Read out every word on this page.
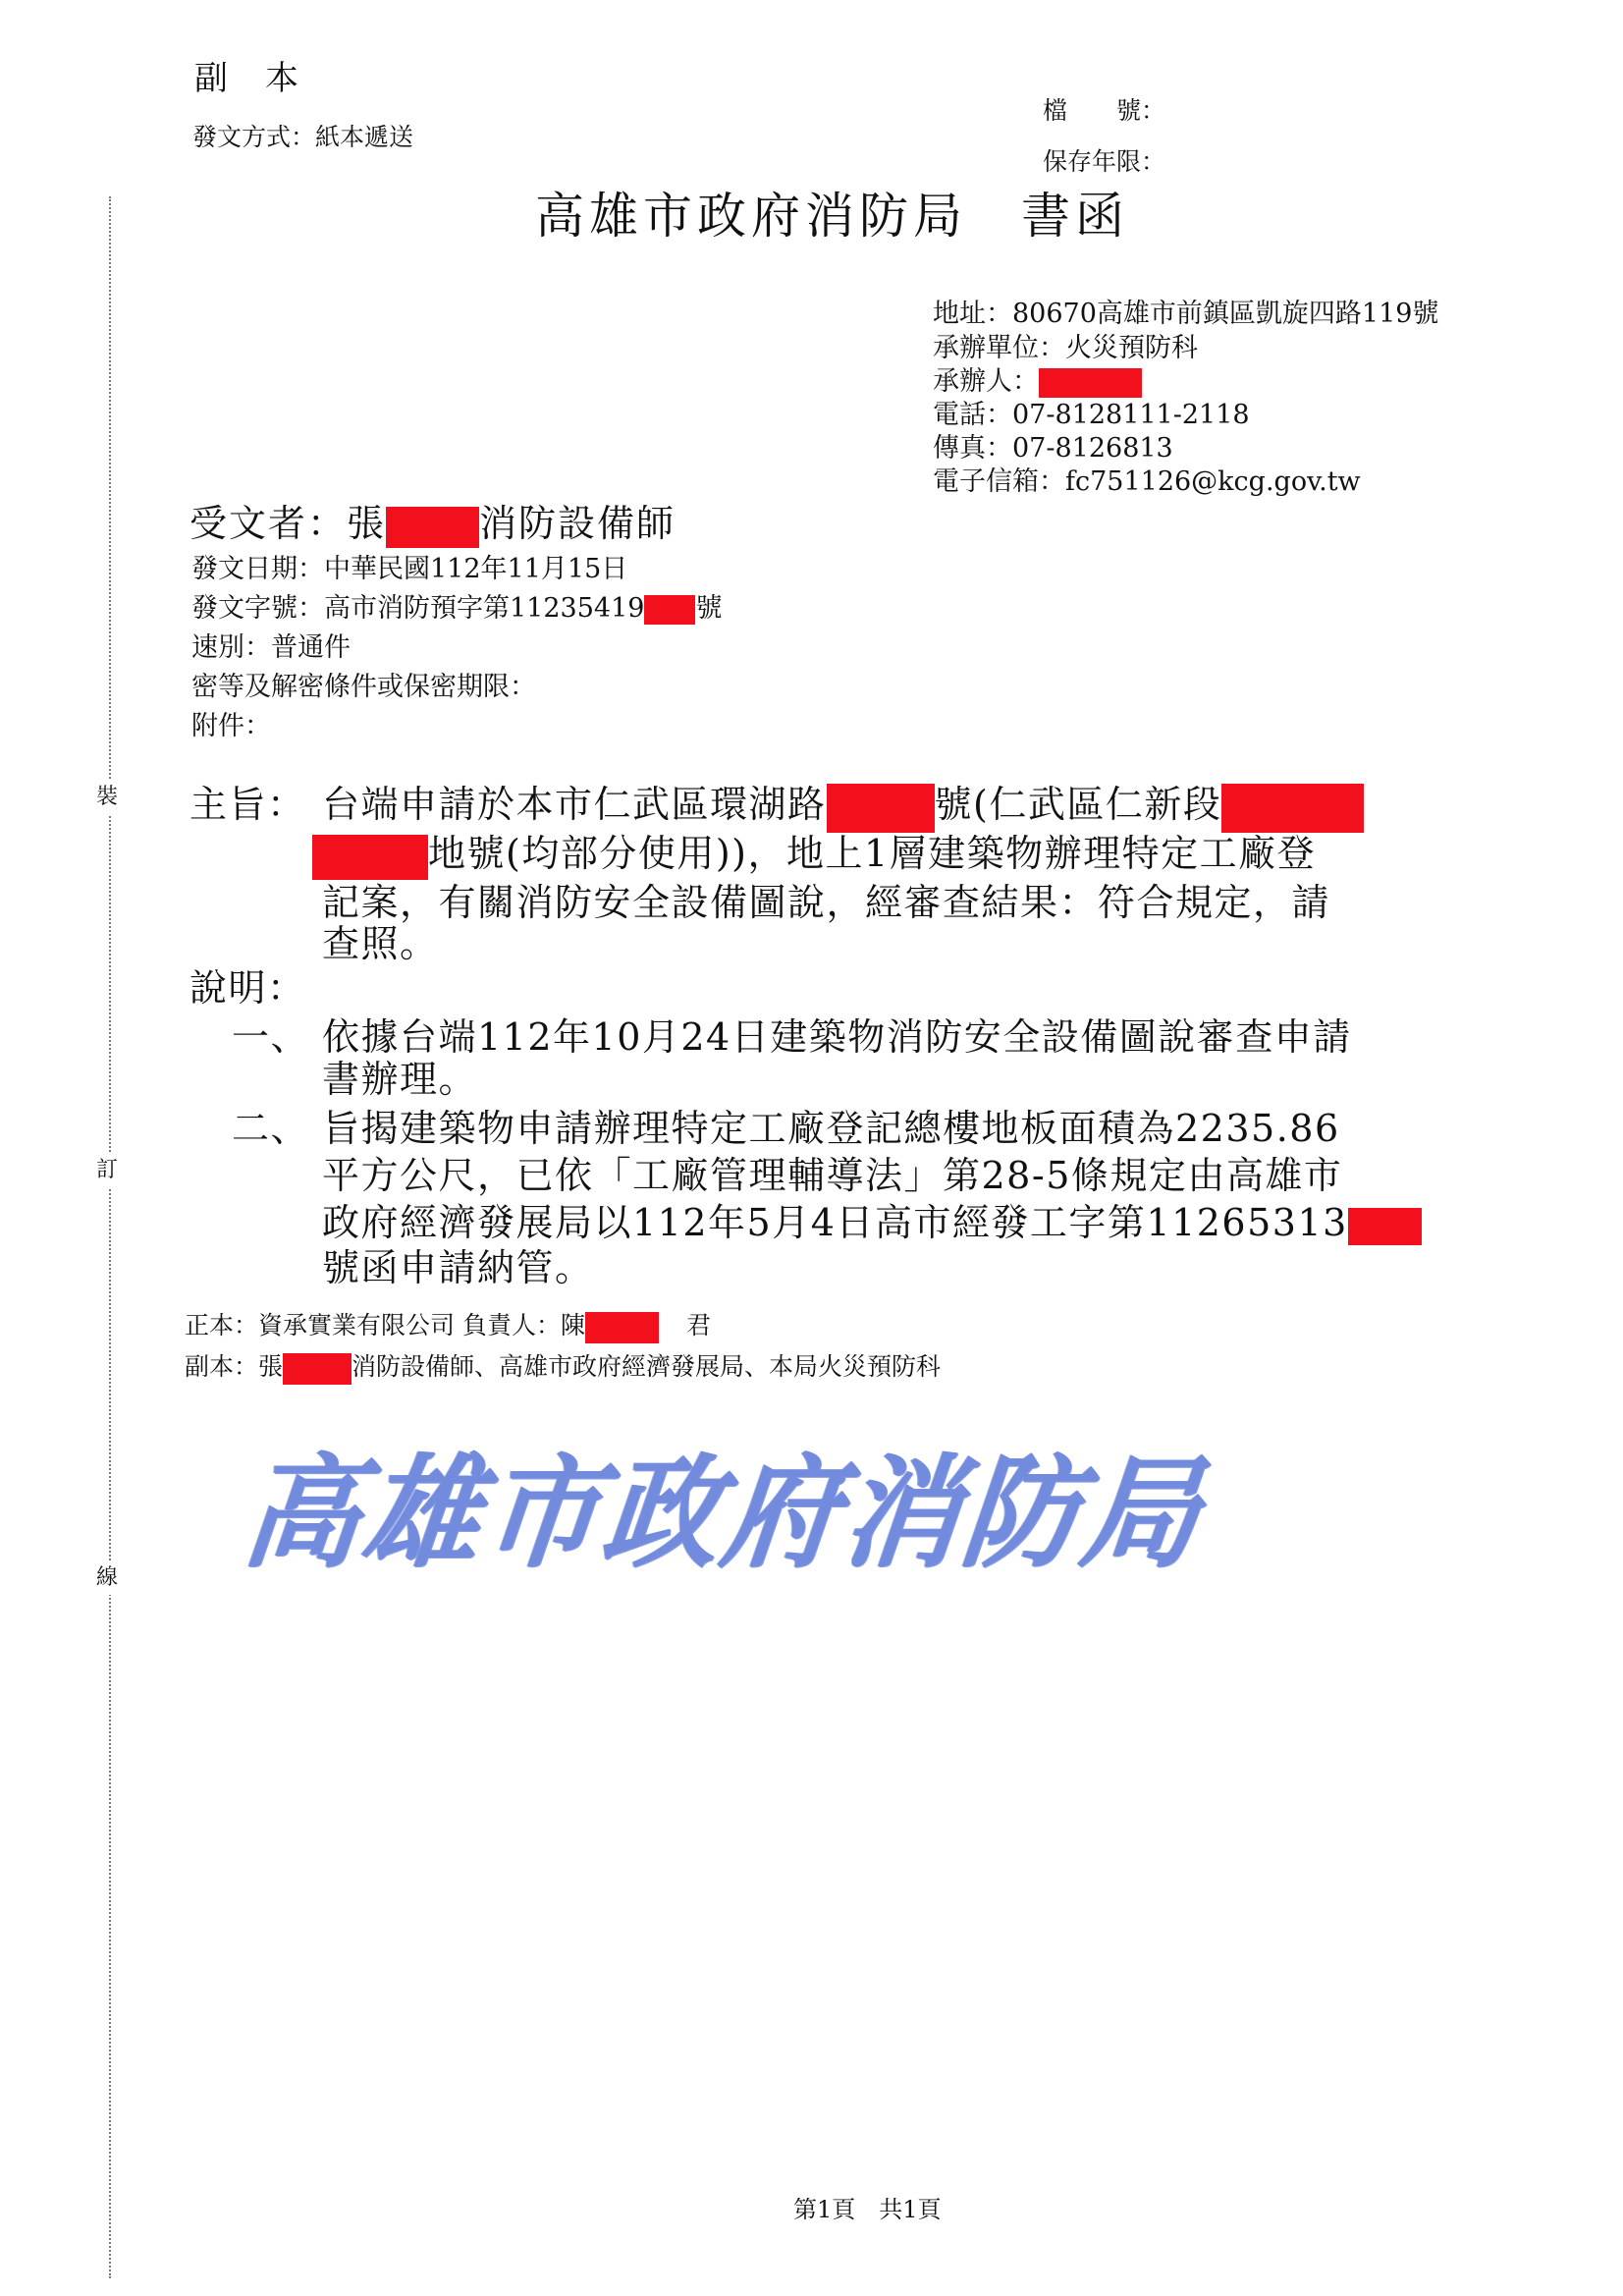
裝
訂
線
副　本
發文方式：紙本遞送
檔　　號：
保存年限：
高雄市政府消防局　書函
地址：80670高雄市前鎮區凱旋四路119號
承辦單位：火災預防科
承辦人：
電話：07-8128111-2118
傳真：07-8126813
電子信箱：fc751126@kcg.gov.tw
受文者：張	消防設備師
發文日期：中華民國112年11月15日
發文字號：高市消防預字第11235419 號
速別：普通件
密等及解密條件或保密期限：
附件：
主旨： 台端申請於本市仁武區環湖路	號(仁武區仁新段
地號(均部分使用))，地上1層建築物辦理特定工廠登
記案，有關消防安全設備圖說，經審查結果：符合規定，請
查照。
說明：
一、 依據台端112年10月24日建築物消防安全設備圖說審查申請
書辦理。
二、 旨揭建築物申請辦理特定工廠登記總樓地板面積為2235.86
平方公尺，已依「工廠管理輔導法」第28-5條規定由高雄市
政府經濟發展局以112年5月4日高市經發工字第11265313
號函申請納管。
正本：資承實業有限公司 負責人：陳	君
副本：張	消防設備師、高雄市政府經濟發展局、本局火災預防科
高雄市政府消防局
第1頁　共1頁
